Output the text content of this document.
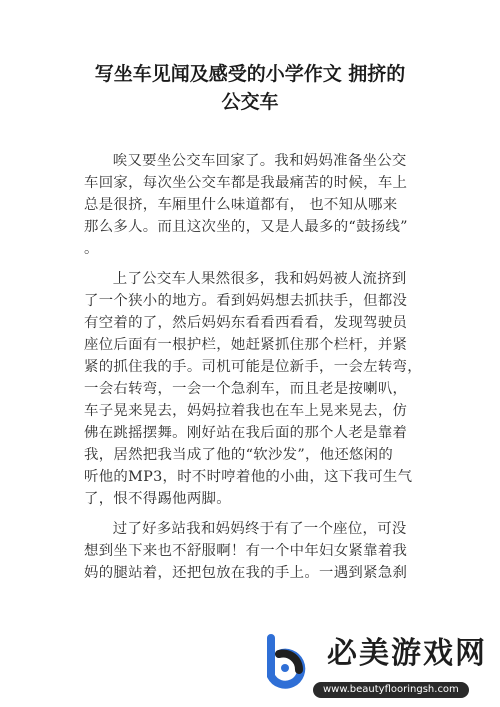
写坐车见闻及感受的小学作文 拥挤的
公交车
唉又要坐公交车回家了。我和妈妈准备坐公交
车回家，每次坐公交车都是我最痛苦的时候，车上
总是很挤，车厢里什么味道都有， 也不知从哪来
那么多人。而且这次坐的，又是人最多的“鼓扬线”
。
上了公交车人果然很多，我和妈妈被人流挤到
了一个狭小的地方。看到妈妈想去抓扶手，但都没
有空着的了，然后妈妈东看看西看看，发现驾驶员
座位后面有一根护栏，她赶紧抓住那个栏杆，并紧
紧的抓住我的手。司机可能是位新手，一会左转弯，
一会右转弯，一会一个急刹车，而且老是按喇叭，
车子晃来晃去，妈妈拉着我也在车上晃来晃去，仿
佛在跳摇摆舞。刚好站在我后面的那个人老是靠着
我，居然把我当成了他的“软沙发”，他还悠闲的
听他的MP3，时不时哼着他的小曲，这下我可生气
了，恨不得踢他两脚。
过了好多站我和妈妈终于有了一个座位，可没
想到坐下来也不舒服啊！有一个中年妇女紧靠着我
妈的腿站着，还把包放在我的手上。一遇到紧急刹
必美游戏网
www.beautyflooringsh.com
